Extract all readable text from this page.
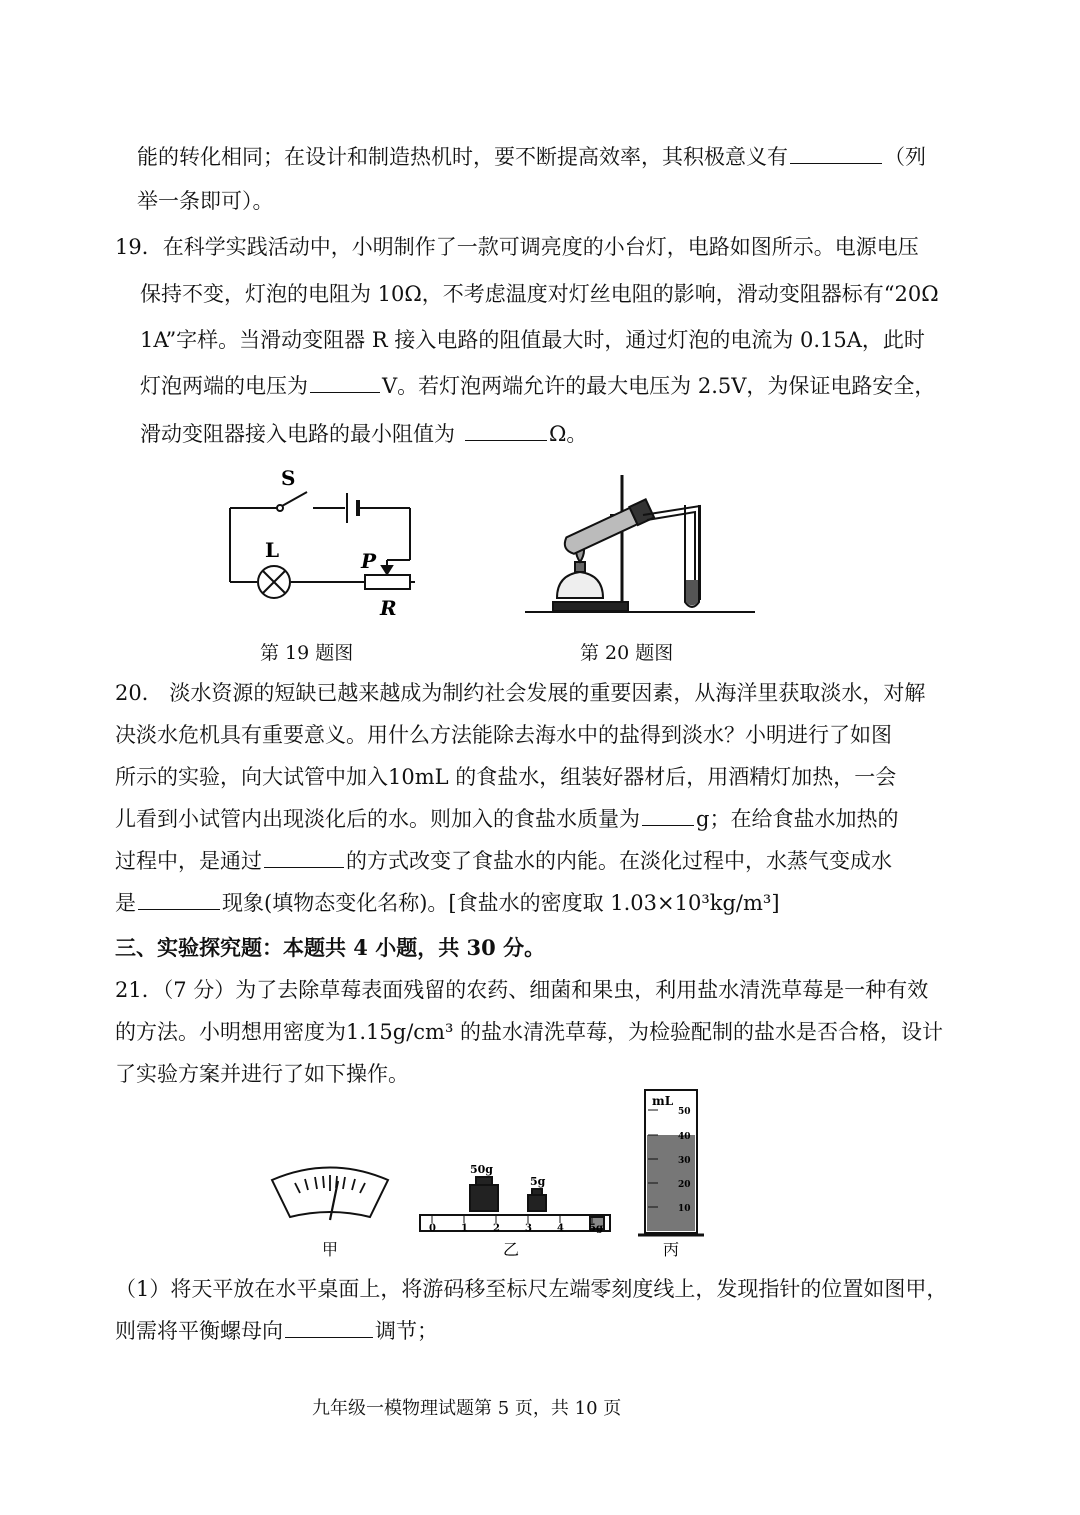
能的转化相同；在设计和制造热机时，要不断提高效率，其积极意义有	（列
举一条即可）。
19．在科学实践活动中，小明制作了一款可调亮度的小台灯，电路如图所示。电源电压
保持不变，灯泡的电阻为 10Ω，不考虑温度对灯丝电阻的影响，滑动变阻器标有“20Ω
1A”字样。当滑动变阻器 R 接入电路的阻值最大时，通过灯泡的电流为 0.15A，此时
灯泡两端的电压为	V。若灯泡两端允许的最大电压为 2.5V，为保证电路安全，
滑动变阻器接入电路的最小阻值为	Ω。
S
L	P
R
第 19 题图	第 20 题图
20． 淡水资源的短缺已越来越成为制约社会发展的重要因素，从海洋里获取淡水，对解
决淡水危机具有重要意义。用什么方法能除去海水中的盐得到淡水？小明进行了如图
所示的实验，向大试管中加入10mL 的食盐水，组装好器材后，用酒精灯加热，一会
儿看到小试管内出现淡化后的水。则加入的食盐水质量为	g；在给食盐水加热的
过程中，是通过	的方式改变了食盐水的内能。在淡化过程中，水蒸气变成水
是	现象(填物态变化名称)。[食盐水的密度取 1.03×10³kg/m³]
三、实验探究题：本题共 4 小题，共 30 分。
21．（7 分）为了去除草莓表面残留的农药、细菌和果虫，利用盐水清洗草莓是一种有效
的方法。小明想用密度为1.15g/cm³ 的盐水清洗草莓，为检验配制的盐水是否合格，设计
了实验方案并进行了如下操作。
甲
50g
5g
0	1	2	3	4	5g
乙
mL
50
40
30
20
10
丙
（1）将天平放在水平桌面上，将游码移至标尺左端零刻度线上，发现指针的位置如图甲，
则需将平衡螺母向	调节；
九年级一模物理试题第 5 页，共 10 页
